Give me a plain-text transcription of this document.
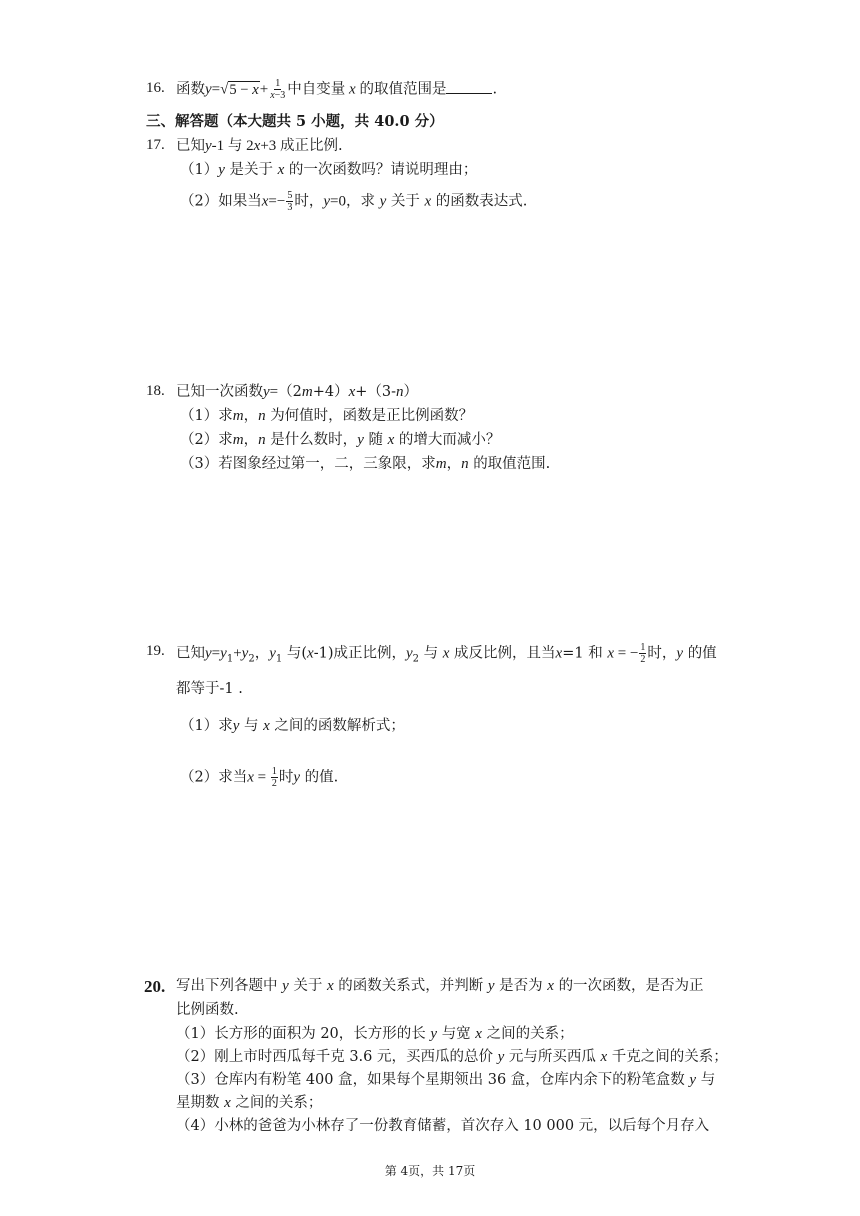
16. 函数$y=√5 - x+ \frac{1}{x-3}$ 中自变量 x 的取值范围是	.
三、解答题（本大题共 5 小题，共 40.0 分）
17. 已知y-1 与 2x+3 成正比例.
（1）y 是关于 x 的一次函数吗？请说明理由；
（2）如果当$x=- \frac{5}{3}$ 时，y=0，求 y 关于 x 的函数表达式.
18. 已知一次函数y=（2m+4）x+（3-n）
（1）求m，n 为何值时，函数是正比例函数？
（2）求m，n 是什么数时，y 随 x 的增大而减小？
（3）若图象经过第一，二，三象限，求m，n 的取值范围.
19. 已知$y=y_1+y_2$，$y_1$ 与(x-1)成正比例，$y_2$ 与 x 成反比例，且当x=1 和 x = − $\frac{1}{2}$ 时，y 的值
都等于-1 .
（1）求y 与 x 之间的函数解析式；
（2）求当$x = \frac{1}{2}$ 时y 的值.
20. 写出下列各题中 y 关于 x 的函数关系式，并判断 y 是否为 x 的一次函数，是否为正
比例函数.
（1）长方形的面积为 20，长方形的长 y 与宽 x 之间的关系；
（2）刚上市时西瓜每千克 3.6 元，买西瓜的总价 y 元与所买西瓜 x 千克之间的关系；
（3）仓库内有粉笔 400 盒，如果每个星期领出 36 盒，仓库内余下的粉笔盒数 y 与
星期数 x 之间的关系；
（4）小林的爸爸为小林存了一份教育储蓄，首次存入 10 000 元，以后每个月存入
第 4页，共 17页
